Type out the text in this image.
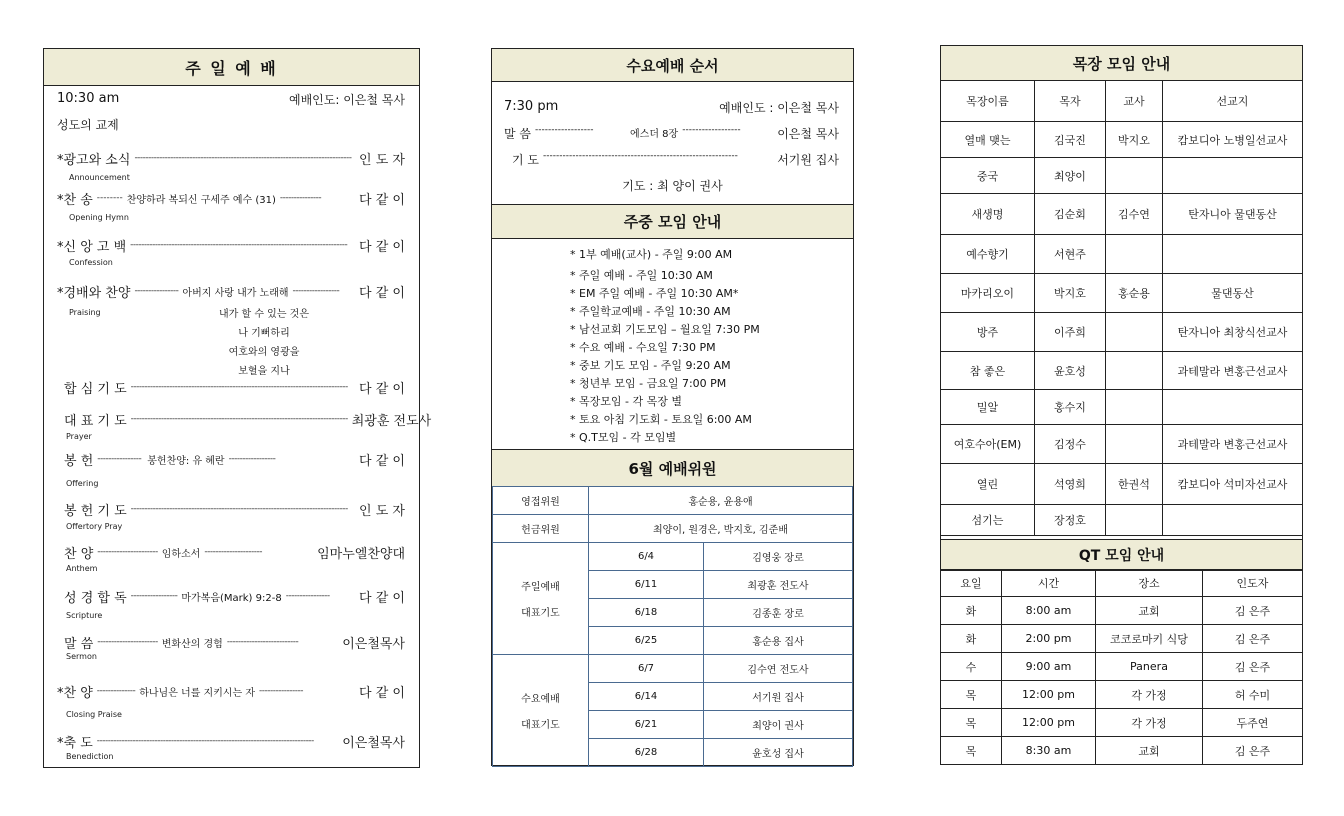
주 일 예 배
10:30 am	예배인도: 이은철 목사
성도의 교제
*광고와 소식 ------------------------------------------------------------------------------- 인 도 자
Announcement
*찬 송 -------- 찬양하라 복되신 구세주 예수 (31) ---------------	다 같 이
Opening Hymn
*신 앙 고 백 ------------------------------------------------------------------------------- 다 같 이
Confession
*경배와 찬양 ---------------- 아버지 사랑 내가 노래해 -----------------	다 같 이
Praising	내가 할 수 있는 것은
나 기뻐하리
여호와의 영광을
보혈을 지나
합 심 기 도 ------------------------------------------------------------------------------- 다 같 이
대 표 기 도 ------------------------------------------------------------------------------- 최광훈 전도사
Prayer
봉 헌 ---------------- 봉헌찬양: 유 혜란 -----------------	다 같 이
Offering
봉 헌 기 도 ------------------------------------------------------------------------------- 인 도 자
Offertory Pray
찬 양 ---------------------- 임하소서 ---------------------	임마누엘찬양대
Anthem
성 경 합 독 ----------------- 마가복음(Mark) 9:2-8 ----------------	다 같 이
Scripture
말 씀 ---------------------- 변화산의 경험 --------------------------	이은철목사
Sermon
*찬 양 -------------- 하나님은 너를 지키시는 자 ----------------	다 같 이
Closing Praise
*축 도 -------------------------------------------------------------------------------	이은철목사
Benediction
수요예배 순서
7:30 pm	예배인도 : 이은철 목사
말 씀 ------------------	에스더 8장 ------------------	이은철 목사
기 도 ------------------------------------------------------------	서기원 집사
기도 : 최 양이 권사
주중 모임 안내
* 1부 예배(교사) - 주일 9:00 AM
* 주일 예배 - 주일 10:30 AM
* EM 주일 예배 - 주일 10:30 AM*
* 주일학교예배 - 주일 10:30 AM
* 남선교회 기도모임 – 월요일 7:30 PM
* 수요 예배 - 수요일 7:30 PM
* 중보 기도 모임 - 주일 9:20 AM
* 청년부 모임 - 금요일 7:00 PM
* 목장모임 - 각 목장 별
* 토요 아침 기도회 - 토요일 6:00 AM
* Q.T모임 - 각 모임별
6월 예배위원
영접위원	홍순용, 윤용애	
헌금위원	최양이, 원경은, 박지호, 김준배	
주일예배

대표기도	6/4	김영웅 장로
	6/11	최광훈 전도사
	6/18	김종훈 장로
	6/25	홍순용 집사
수요예배

대표기도	6/7	김수연 전도사
	6/14	서기원 집사
	6/21	최양이 권사
	6/28	윤호성 집사
목장 모임 안내
목장이름	목자	교사	선교지
열매 맺는	김국진	박지오	캄보디아 노병일선교사
중국	최양이		
새생명	김순회	김수연	탄자니아 물댄동산
예수향기	서현주		
마카리오이	박지호	홍순용	물댄동산
방주	이주희		탄자니아 최창식선교사
참 좋은	윤호성		과테말라 변홍근선교사
밀알	홍수지		
여호수아(EM)	김정수		과테말라 변홍근선교사
열린	석영희	한권석	캄보디아 석미자선교사
섬기는	장정호		
QT 모임 안내
요일	시간	장소	인도자
화	8:00 am	교회	김 은주
화	2:00 pm	코코로마키 식당	김 은주
수	9:00 am	Panera	김 은주
목	12:00 pm	각 가정	허 수미
목	12:00 pm	각 가정	두주연
목	8:30 am	교회	김 은주
